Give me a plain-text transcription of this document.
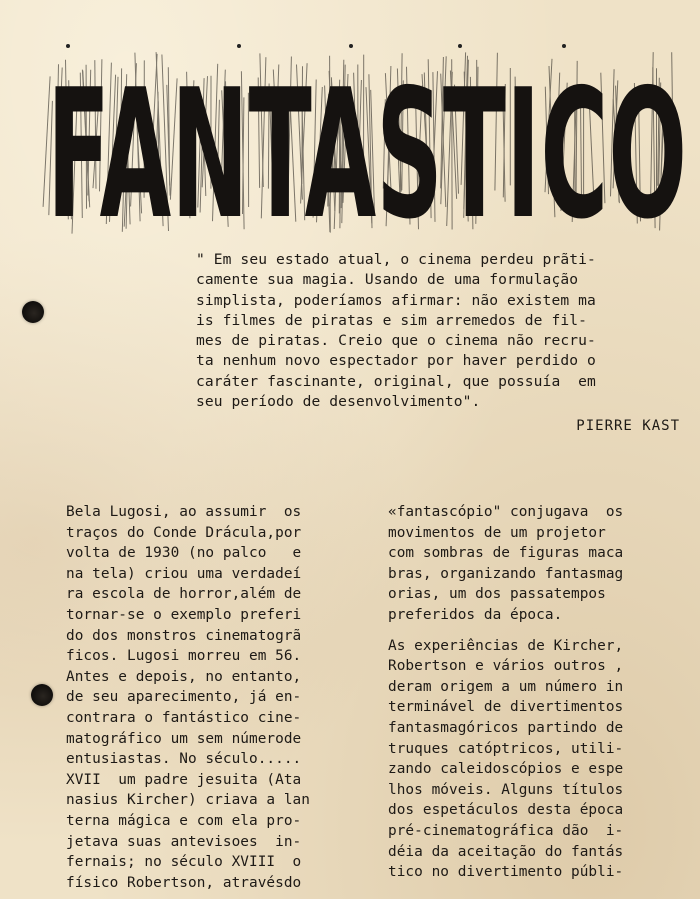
FANTASTICO
" Em seu estado atual, o cinema perdeu prãti-
camente sua magia. Usando de uma formulação
simplista, poderíamos afirmar: não existem ma
is filmes de piratas e sim arremedos de fil-
mes de piratas. Creio que o cinema não recru-
ta nenhum novo espectador por haver perdido o
caráter fascinante, original, que possuía  em
seu período de desenvolvimento".
PIERRE KAST
Bela Lugosi, ao assumir  os
traços do Conde Drácula,por
volta de 1930 (no palco   e
na tela) criou uma verdadeí
ra escola de horror,além de
tornar-se o exemplo preferi
do dos monstros cinematogrã
ficos. Lugosi morreu em 56.
Antes e depois, no entanto,
de seu aparecimento, já en-
contrara o fantástico cine-
matográfico um sem númerode
entusiastas. No século.....
XVII  um padre jesuita (Ata
nasius Kircher) criava a lan
terna mágica e com ela pro-
jetava suas antevisoes  in-
fernais; no século XVIII  o
físico Robertson, atravésdo
«fantascópio" conjugava  os
movimentos de um projetor
com sombras de figuras maca
bras, organizando fantasmag
orias, um dos passatempos
preferidos da época.
As experiências de Kircher,
Robertson e vários outros ,
deram origem a um número in
terminável de divertimentos
fantasmagóricos partindo de
truques catóptricos, utili-
zando caleidoscópios e espe
lhos móveis. Alguns títulos
dos espetáculos desta época
pré-cinematográfica dão  i-
déia da aceitação do fantás
tico no divertimento públi-
